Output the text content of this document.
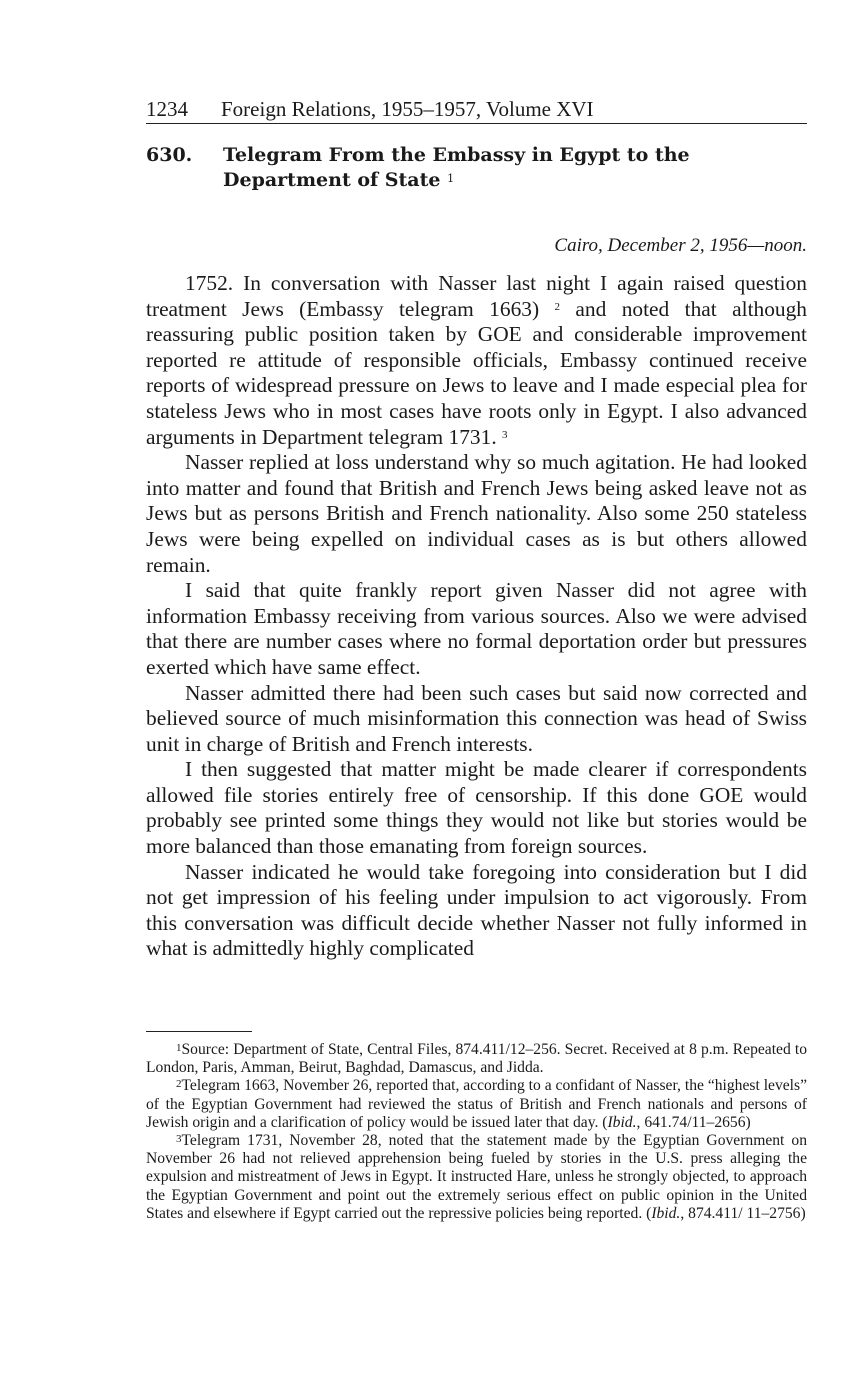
1234 Foreign Relations, 1955–1957, Volume XVI
630. Telegram From the Embassy in Egypt to the Department of State $^1$
Cairo, December 2, 1956—noon.

1752. In conversation with Nasser last night I again raised question treatment Jews (Embassy telegram 1663) $^2$ and noted that although reassuring public position taken by GOE and considerable improvement reported re attitude of responsible officials, Embassy continued receive reports of widespread pressure on Jews to leave and I made especial plea for stateless Jews who in most cases have roots only in Egypt. I also advanced arguments in Department telegram 1731. $^3$

Nasser replied at loss understand why so much agitation. He had looked into matter and found that British and French Jews being asked leave not as Jews but as persons British and French nationality. Also some 250 stateless Jews were being expelled on individual cases as is but others allowed remain.

I said that quite frankly report given Nasser did not agree with information Embassy receiving from various sources. Also we were advised that there are number cases where no formal deportation order but pressures exerted which have same effect.

Nasser admitted there had been such cases but said now corrected and believed source of much misinformation this connection was head of Swiss unit in charge of British and French interests.

I then suggested that matter might be made clearer if correspondents allowed file stories entirely free of censorship. If this done GOE would probably see printed some things they would not like but stories would be more balanced than those emanating from foreign sources.

Nasser indicated he would take foregoing into consideration but I did not get impression of his feeling under impulsion to act vigorously. From this conversation was difficult decide whether Nasser not fully informed in what is admittedly highly complicated

$^1$Source: Department of State, Central Files, 874.411/12–256. Secret. Received at 8 p.m. Repeated to London, Paris, Amman, Beirut, Baghdad, Damascus, and Jidda.

$^2$Telegram 1663, November 26, reported that, according to a confidant of Nasser, the “highest levels” of the Egyptian Government had reviewed the status of British and French nationals and persons of Jewish origin and a clarification of policy would be issued later that day. (Ibid., 641.74/11–2656)

$^3$Telegram 1731, November 28, noted that the statement made by the Egyptian Government on November 26 had not relieved apprehension being fueled by stories in the U.S. press alleging the expulsion and mistreatment of Jews in Egypt. It instructed Hare, unless he strongly objected, to approach the Egyptian Government and point out the extremely serious effect on public opinion in the United States and elsewhere if Egypt carried out the repressive policies being reported. (Ibid., 874.411/ 11–2756)
